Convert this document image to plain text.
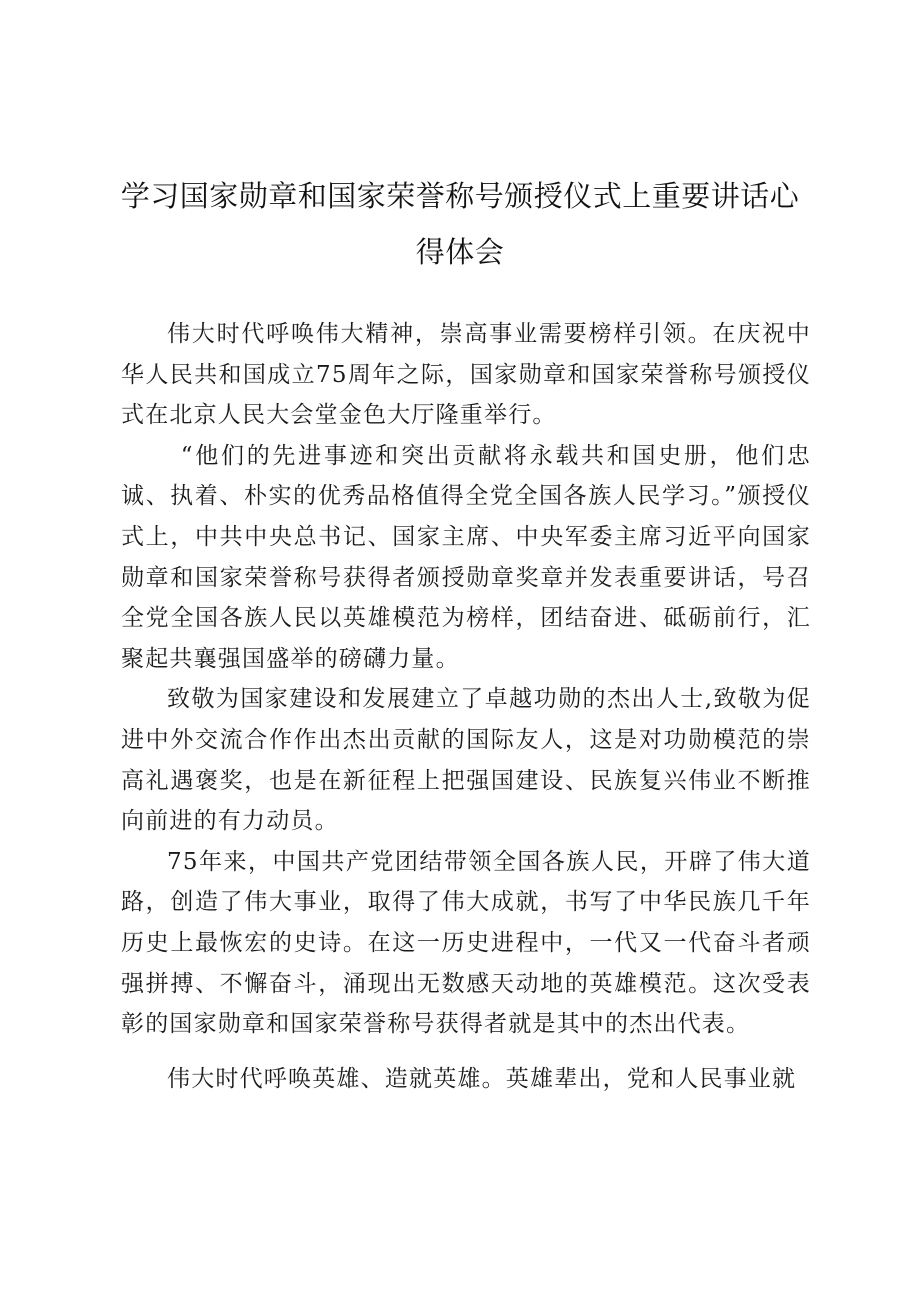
学习国家勋章和国家荣誉称号颁授仪式上重要讲话心得体会

伟大时代呼唤伟大精神，崇高事业需要榜样引领。在庆祝中华人民共和国成立75周年之际，国家勋章和国家荣誉称号颁授仪式在北京人民大会堂金色大厅隆重举行。

“他们的先进事迹和突出贡献将永载共和国史册，他们忠诚、执着、朴实的优秀品格值得全党全国各族人民学习。”颁授仪式上，中共中央总书记、国家主席、中央军委主席习近平向国家勋章和国家荣誉称号获得者颁授勋章奖章并发表重要讲话，号召全党全国各族人民以英雄模范为榜样，团结奋进、砥砺前行，汇聚起共襄强国盛举的磅礴力量。

致敬为国家建设和发展建立了卓越功勋的杰出人士,致敬为促进中外交流合作作出杰出贡献的国际友人，这是对功勋模范的崇高礼遇褒奖，也是在新征程上把强国建设、民族复兴伟业不断推向前进的有力动员。

75年来，中国共产党团结带领全国各族人民，开辟了伟大道路，创造了伟大事业，取得了伟大成就，书写了中华民族几千年历史上最恢宏的史诗。在这一历史进程中，一代又一代奋斗者顽强拼搏、不懈奋斗，涌现出无数感天动地的英雄模范。这次受表彰的国家勋章和国家荣誉称号获得者就是其中的杰出代表。

伟大时代呼唤英雄、造就英雄。英雄辈出，党和人民事业就
